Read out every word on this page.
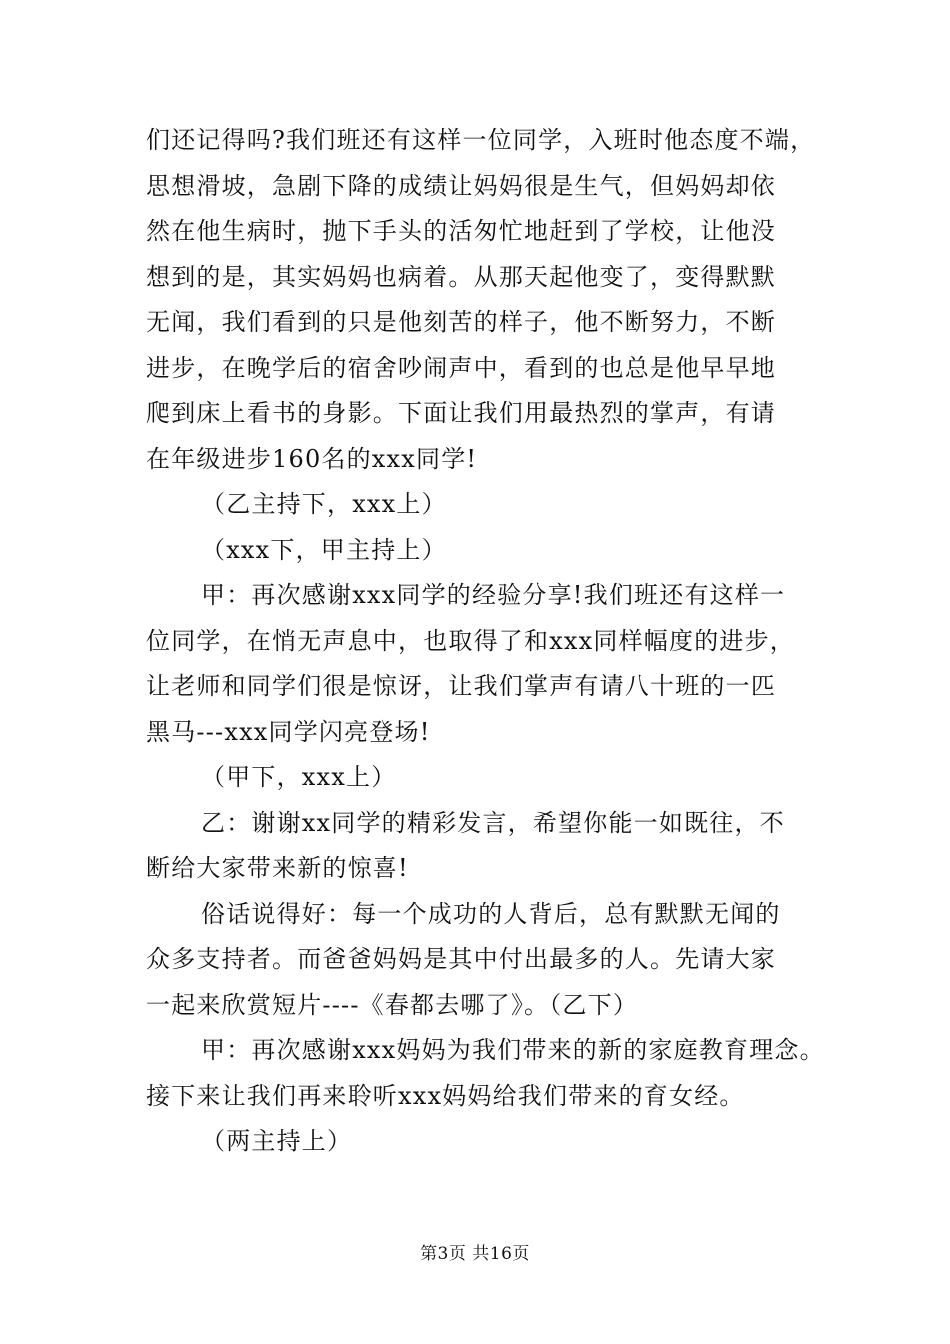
们还记得吗?我们班还有这样一位同学，入班时他态度不端，
思想滑坡，急剧下降的成绩让妈妈很是生气，但妈妈却依
然在他生病时，抛下手头的活匆忙地赶到了学校，让他没
想到的是，其实妈妈也病着。从那天起他变了，变得默默
无闻，我们看到的只是他刻苦的样子，他不断努力，不断
进步，在晚学后的宿舍吵闹声中，看到的也总是他早早地
爬到床上看书的身影。下面让我们用最热烈的掌声，有请
在年级进步160名的xxx同学!
（乙主持下，xxx上）
（xxx下，甲主持上）
甲：再次感谢xxx同学的经验分享!我们班还有这样一
位同学，在悄无声息中，也取得了和xxx同样幅度的进步，
让老师和同学们很是惊讶，让我们掌声有请八十班的一匹
黑马---xxx同学闪亮登场!
（甲下，xxx上）
乙：谢谢xx同学的精彩发言，希望你能一如既往，不
断给大家带来新的惊喜!
俗话说得好：每一个成功的人背后，总有默默无闻的
众多支持者。而爸爸妈妈是其中付出最多的人。先请大家
一起来欣赏短片----《春都去哪了》。（乙下）
甲：再次感谢xxx妈妈为我们带来的新的家庭教育理念。
接下来让我们再来聆听xxx妈妈给我们带来的育女经。
（两主持上）
第3页 共16页
